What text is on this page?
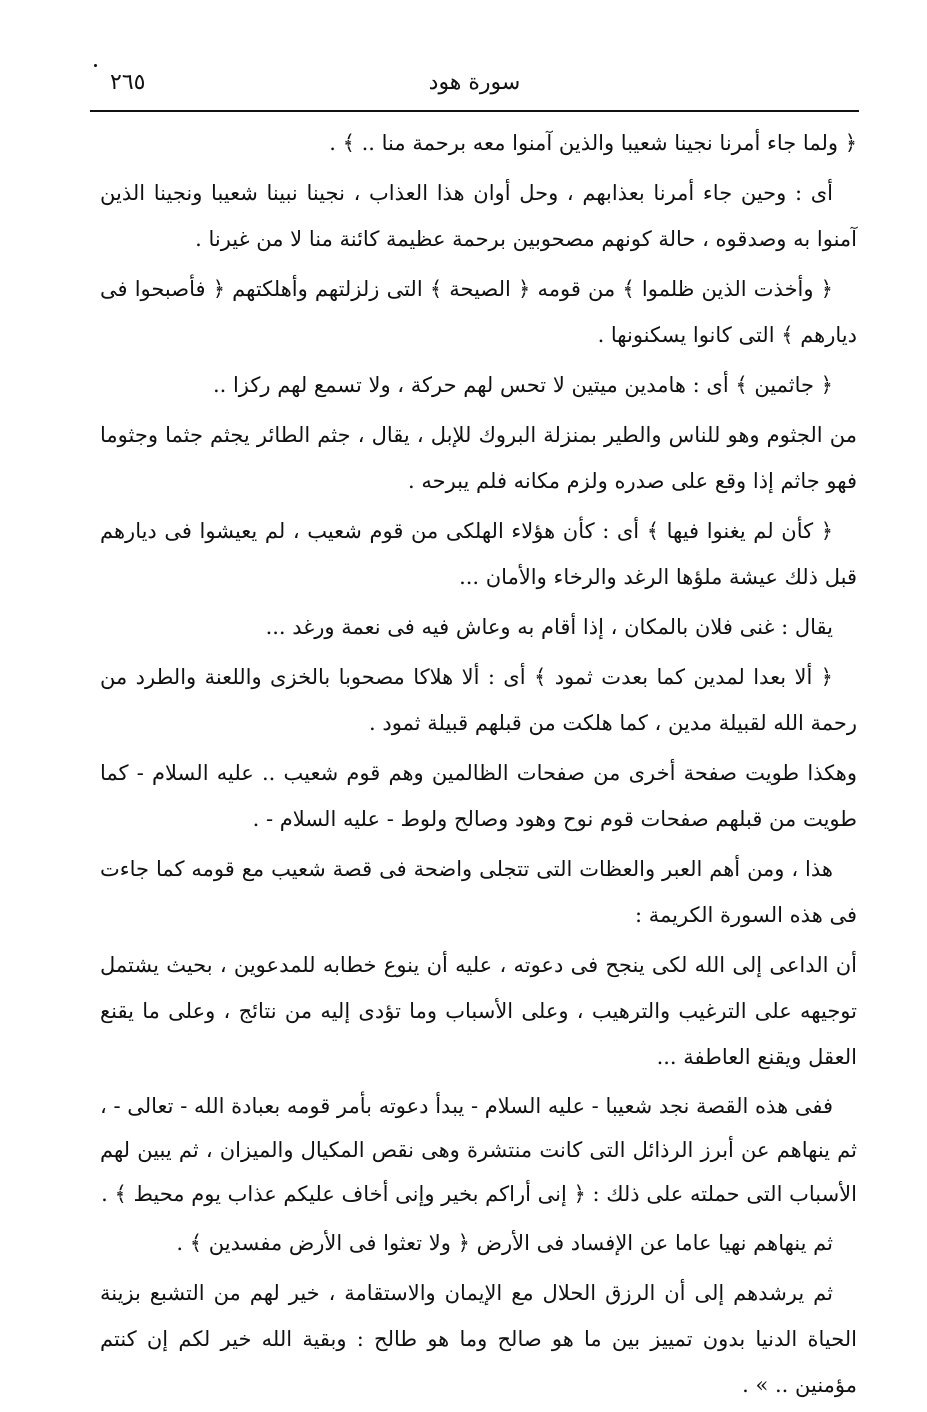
٢٦٥	سورة هود

﴿ ولما جاء أمرنا نجينا شعيبا والذين آمنوا معه برحمة منا .. ﴾ .

أى : وحين جاء أمرنا بعذابهم ، وحل أوان هذا العذاب ، نجينا نبينا شعيبا ونجينا الذين آمنوا به وصدقوه ، حالة كونهم مصحوبين برحمة عظيمة كائنة منا لا من غيرنا .

﴿ وأخذت الذين ظلموا ﴾ من قومه ﴿ الصيحة ﴾ التى زلزلتهم وأهلكتهم ﴿ فأصبحوا فى ديارهم ﴾ التى كانوا يسكنونها .

﴿ جاثمين ﴾ أى : هامدين ميتين لا تحس لهم حركة ، ولا تسمع لهم ركزا ..

من الجثوم وهو للناس والطير بمنزلة البروك للإبل ، يقال ، جثم الطائر يجثم جثما وجثوما فهو جاثم إذا وقع على صدره ولزم مكانه فلم يبرحه .

﴿ كأن لم يغنوا فيها ﴾ أى : كأن هؤلاء الهلكى من قوم شعيب ، لم يعيشوا فى ديارهم قبل ذلك عيشة ملؤها الرغد والرخاء والأمان ...

يقال : غنى فلان بالمكان ، إذا أقام به وعاش فيه فى نعمة ورغد ...

﴿ ألا بعدا لمدين كما بعدت ثمود ﴾ أى : ألا هلاكا مصحوبا بالخزى واللعنة والطرد من رحمة الله لقبيلة مدين ، كما هلكت من قبلهم قبيلة ثمود .

وهكذا طويت صفحة أخرى من صفحات الظالمين وهم قوم شعيب .. عليه السلام - كما طويت من قبلهم صفحات قوم نوح وهود وصالح ولوط - عليه السلام - .

هذا ، ومن أهم العبر والعظات التى تتجلى واضحة فى قصة شعيب مع قومه كما جاءت فى هذه السورة الكريمة :

أن الداعى إلى الله لكى ينجح فى دعوته ، عليه أن ينوع خطابه للمدعوين ، بحيث يشتمل توجيهه على الترغيب والترهيب ، وعلى الأسباب وما تؤدى إليه من نتائج ، وعلى ما يقنع العقل ويقنع العاطفة ...

ففى هذه القصة نجد شعيبا - عليه السلام - يبدأ دعوته بأمر قومه بعبادة الله - تعالى - ، ثم ينهاهم عن أبرز الرذائل التى كانت منتشرة وهى نقص المكيال والميزان ، ثم يبين لهم الأسباب التى حملته على ذلك : ﴿ إنى أراكم بخير وإنى أخاف عليكم عذاب يوم محيط ﴾ .

ثم ينهاهم نهيا عاما عن الإفساد فى الأرض ﴿ ولا تعثوا فى الأرض مفسدين ﴾ .

ثم يرشدهم إلى أن الرزق الحلال مع الإيمان والاستقامة ، خير لهم من التشبع بزينة الحياة الدنيا بدون تمييز بين ما هو صالح وما هو طالح : وبقية الله خير لكم إن كنتم مؤمنين .. » .
